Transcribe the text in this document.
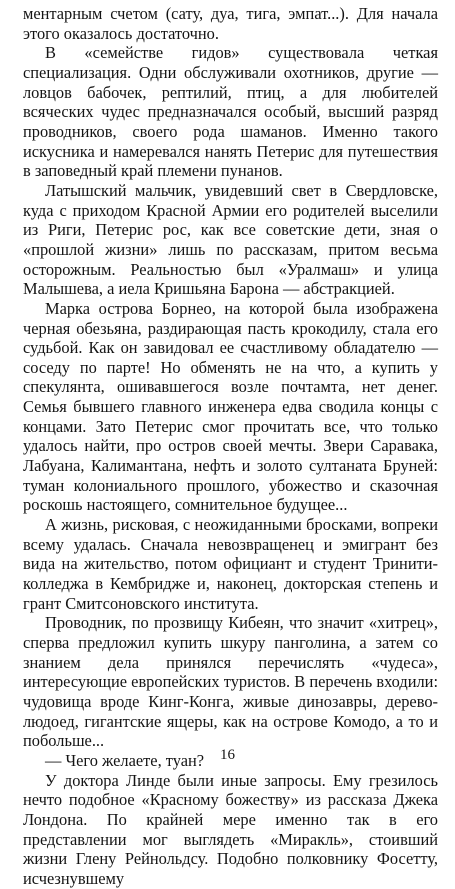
ментарным счетом (сату, дуа, тига, эмпат...). Для начала этого оказалось достаточно.

В «семействе гидов» существовала четкая специализация. Одни обслуживали охотников, другие — ловцов бабочек, рептилий, птиц, а для любителей всяческих чудес предназначался особый, высший разряд проводников, своего рода шаманов. Именно такого искусника и намеревался нанять Петерис для путешествия в заповедный край племени пунанов.

Латышский мальчик, увидевший свет в Свердловске, куда с приходом Красной Армии его родителей выселили из Риги, Петерис рос, как все советские дети, зная о «прошлой жизни» лишь по рассказам, притом весьма осторожным. Реальностью был «Уралмаш» и улица Малышева, а иела Кришьяна Барона — абстракцией.

Марка острова Борнео, на которой была изображена черная обезьяна, раздирающая пасть крокодилу, стала его судьбой. Как он завидовал ее счастливому обладателю — соседу по парте! Но обменять не на что, а купить у спекулянта, ошивавшегося возле почтамта, нет денег. Семья бывшего главного инженера едва сводила концы с концами. Зато Петерис смог прочитать все, что только удалось найти, про остров своей мечты. Звери Саравака, Лабуана, Калимантана, нефть и золото султаната Бруней: туман колониального прошлого, убожество и сказочная роскошь настоящего, сомнительное будущее...

А жизнь, рисковая, с неожиданными бросками, вопреки всему удалась. Сначала невозвращенец и эмигрант без вида на жительство, потом официант и студент Тринити-колледжа в Кембридже и, наконец, докторская степень и грант Смитсоновского института.

Проводник, по прозвищу Кибеян, что значит «хитрец», сперва предложил купить шкуру панголина, а затем со знанием дела принялся перечислять «чудеса», интересующие европейских туристов. В перечень входили: чудовища вроде Кинг-Конга, живые динозавры, дерево-людоед, гигантские ящеры, как на острове Комодо, а то и побольше...

— Чего желаете, туан?

У доктора Линде были иные запросы. Ему грезилось нечто подобное «Красному божеству» из рассказа Джека Лондона. По крайней мере именно так в его представлении мог выглядеть «Миракль», стоивший жизни Глену Рейнольдсу. Подобно полковнику Фосетту, исчезнувшему

16
